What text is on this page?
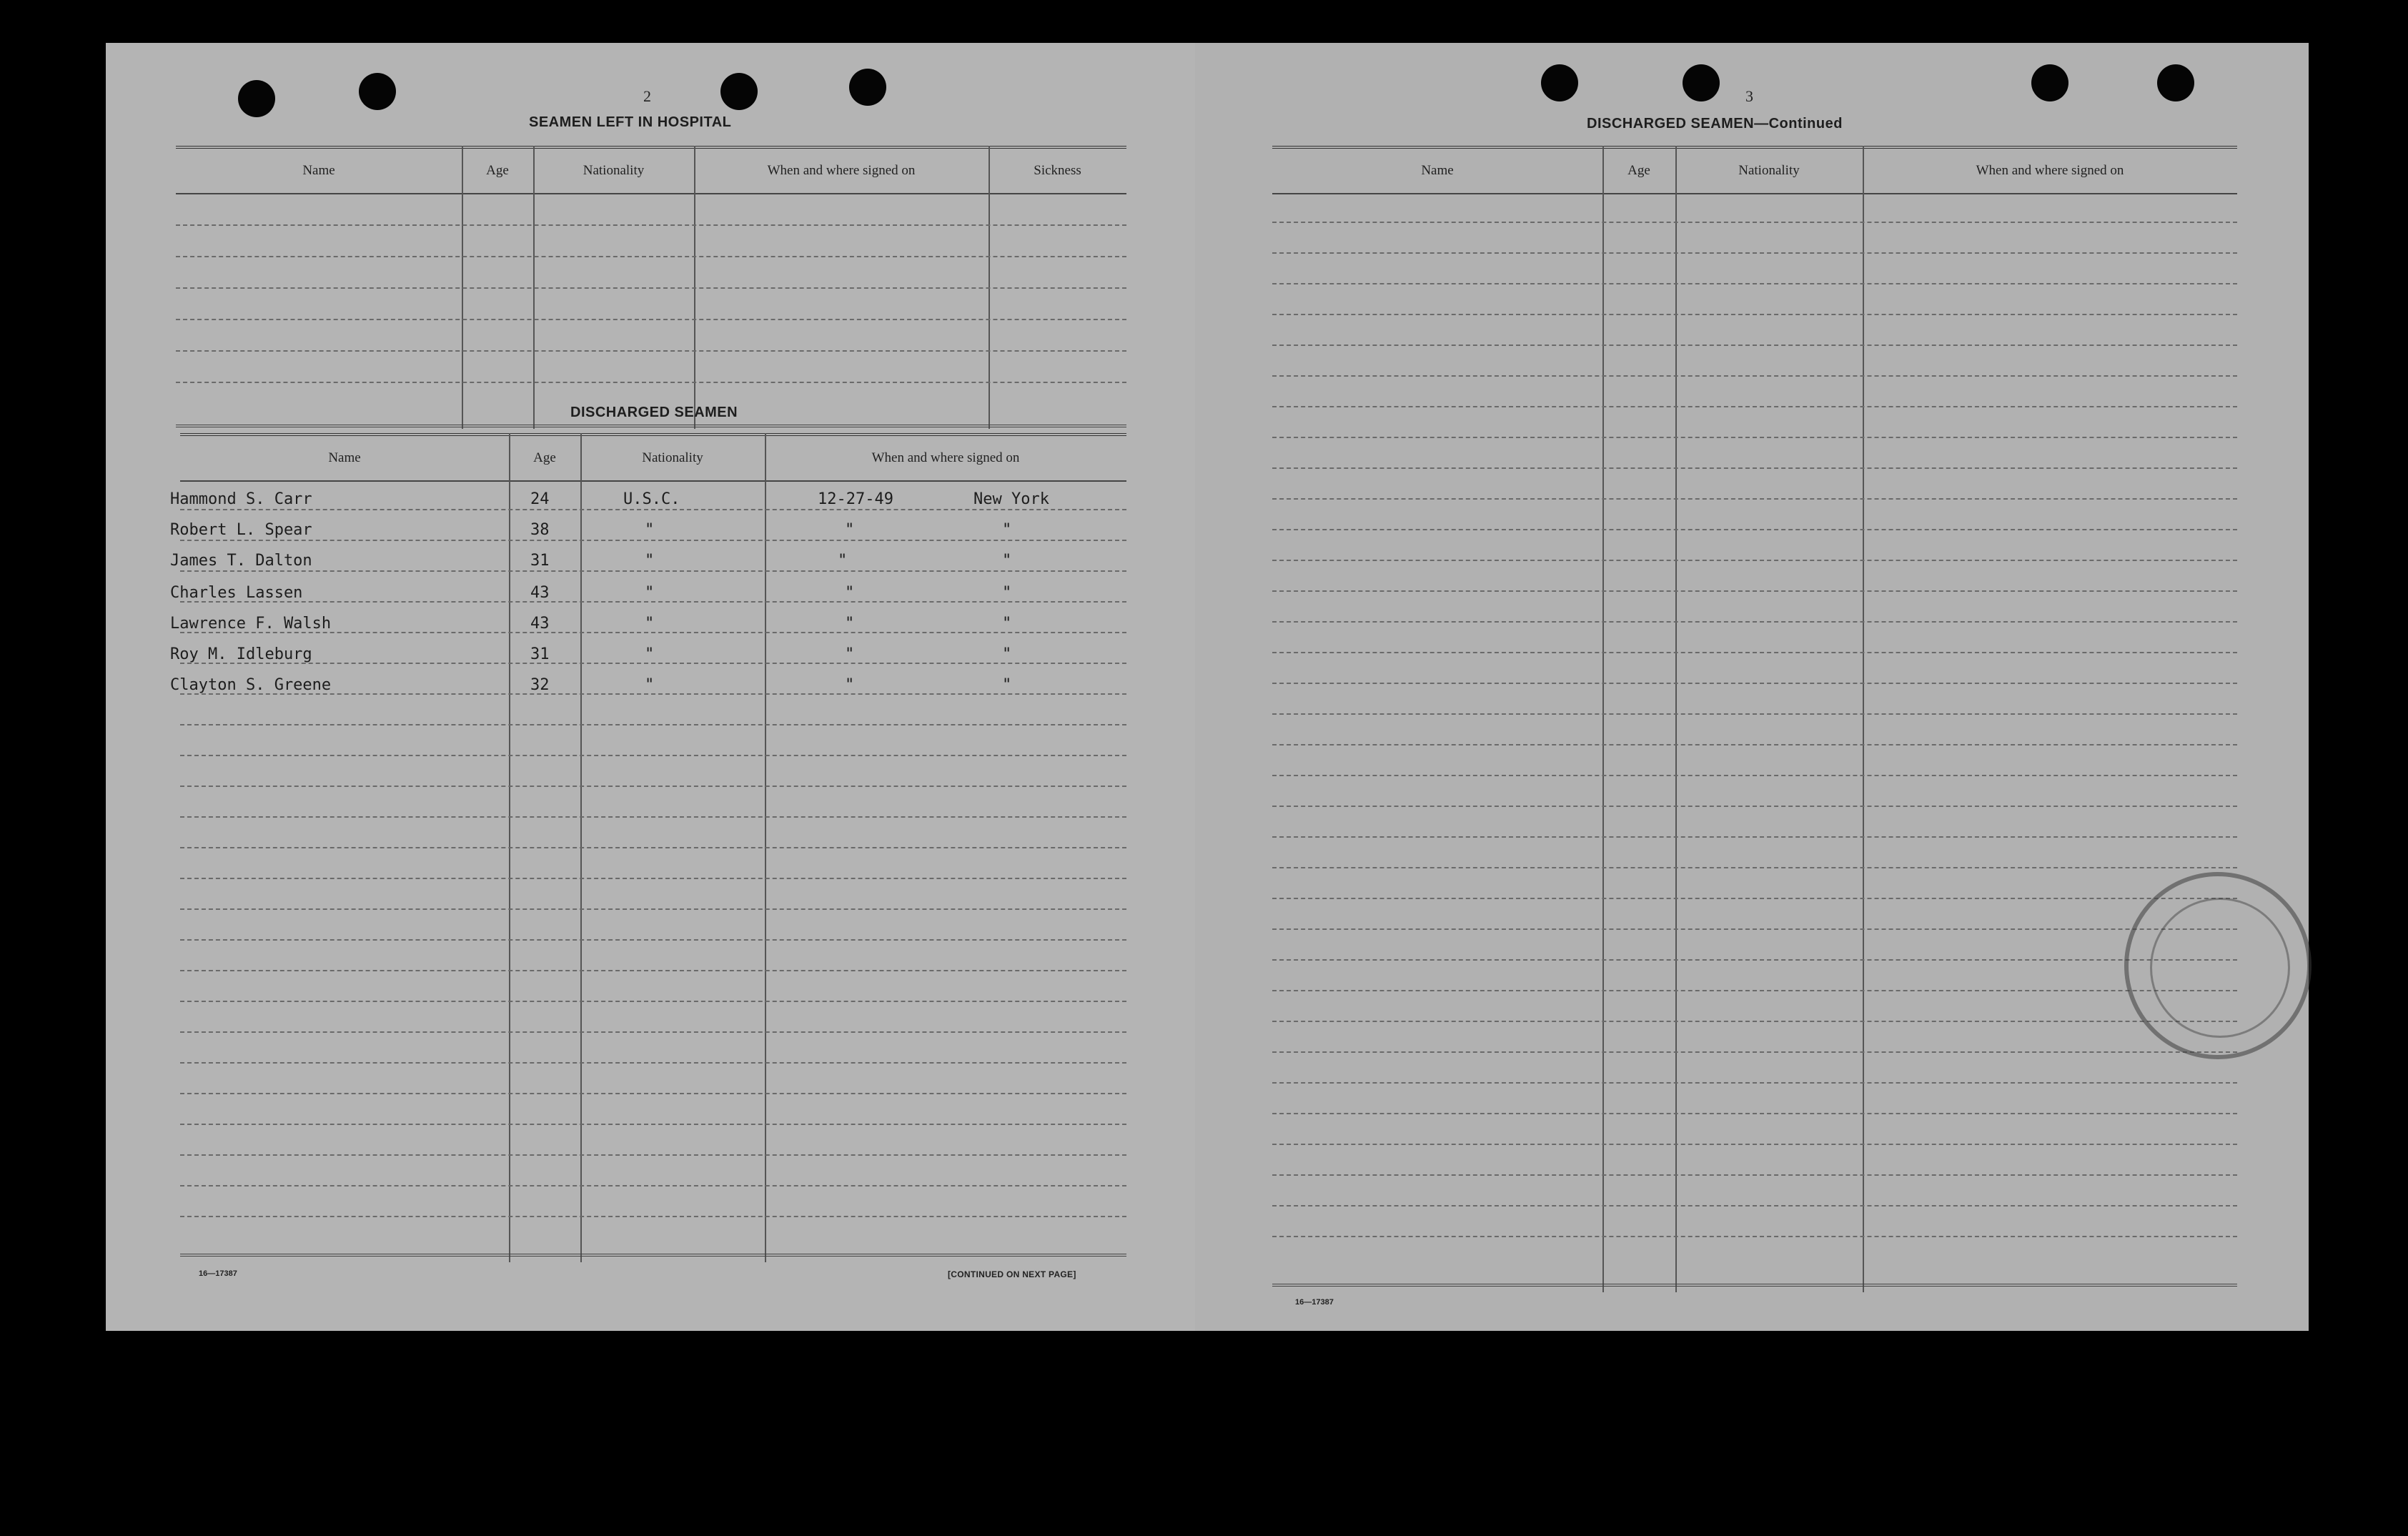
2
SEAMEN LEFT IN HOSPITAL
Name	Age	Nationality	When and where signed on	Sickness
DISCHARGED SEAMEN
Name	Age	Nationality	When and where signed on
Hammond S. Carr	24	U.S.C.	12-27-49	New York
Robert L. Spear	38	"	"	"
James T. Dalton	31	"	"	"
Charles Lassen	43	"	"	"
Lawrence F. Walsh	43	"	"	"
Roy M. Idleburg	31	"	"	"
Clayton S. Greene	32	"	"	"
16—17387	[CONTINUED ON NEXT PAGE]
3
DISCHARGED SEAMEN—Continued
Name	Age	Nationality	When and where signed on
16—17387
